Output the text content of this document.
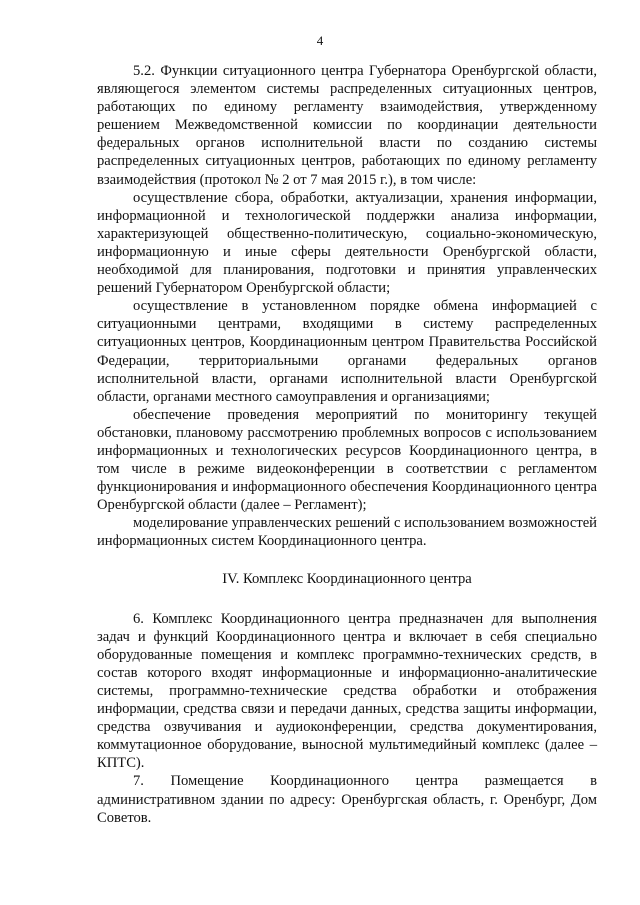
4

5.2. Функции ситуационного центра Губернатора Оренбургской области, являющегося элементом системы распределенных ситуационных центров, работающих по единому регламенту взаимодействия, утвержденному решением Межведомственной комиссии по координации деятельности федеральных органов исполнительной власти по созданию системы распределенных ситуационных центров, работающих по единому регламенту взаимодействия (протокол № 2 от 7 мая 2015 г.), в том числе:

осуществление сбора, обработки, актуализации, хранения информации, информационной и технологической поддержки анализа информации, характеризующей общественно-политическую, социально-экономическую, информационную и иные сферы деятельности Оренбургской области, необходимой для планирования, подготовки и принятия управленческих решений Губернатором Оренбургской области;

осуществление в установленном порядке обмена информацией с ситуационными центрами, входящими в систему распределенных ситуационных центров, Координационным центром Правительства Российской Федерации, территориальными органами федеральных органов исполнительной власти, органами исполнительной власти Оренбургской области, органами местного самоуправления и организациями;

обеспечение проведения мероприятий по мониторингу текущей обстановки, плановому рассмотрению проблемных вопросов с использованием информационных и технологических ресурсов Координационного центра, в том числе в режиме видеоконференции в соответствии с регламентом функционирования и информационного обеспечения Координационного центра Оренбургской области (далее – Регламент);

моделирование управленческих решений с использованием возможностей информационных систем Координационного центра.

IV. Комплекс Координационного центра

6. Комплекс Координационного центра предназначен для выполнения задач и функций Координационного центра и включает в себя специально оборудованные помещения и комплекс программно-технических средств, в состав которого входят информационные и информационно-аналитические системы, программно-технические средства обработки и отображения информации, средства связи и передачи данных, средства защиты информации, средства озвучивания и аудиоконференции, средства документирования, коммутационное оборудование, выносной мультимедийный комплекс (далее – КПТС).

7. Помещение Координационного центра размещается в административном здании по адресу: Оренбургская область, г. Оренбург, Дом Советов.
